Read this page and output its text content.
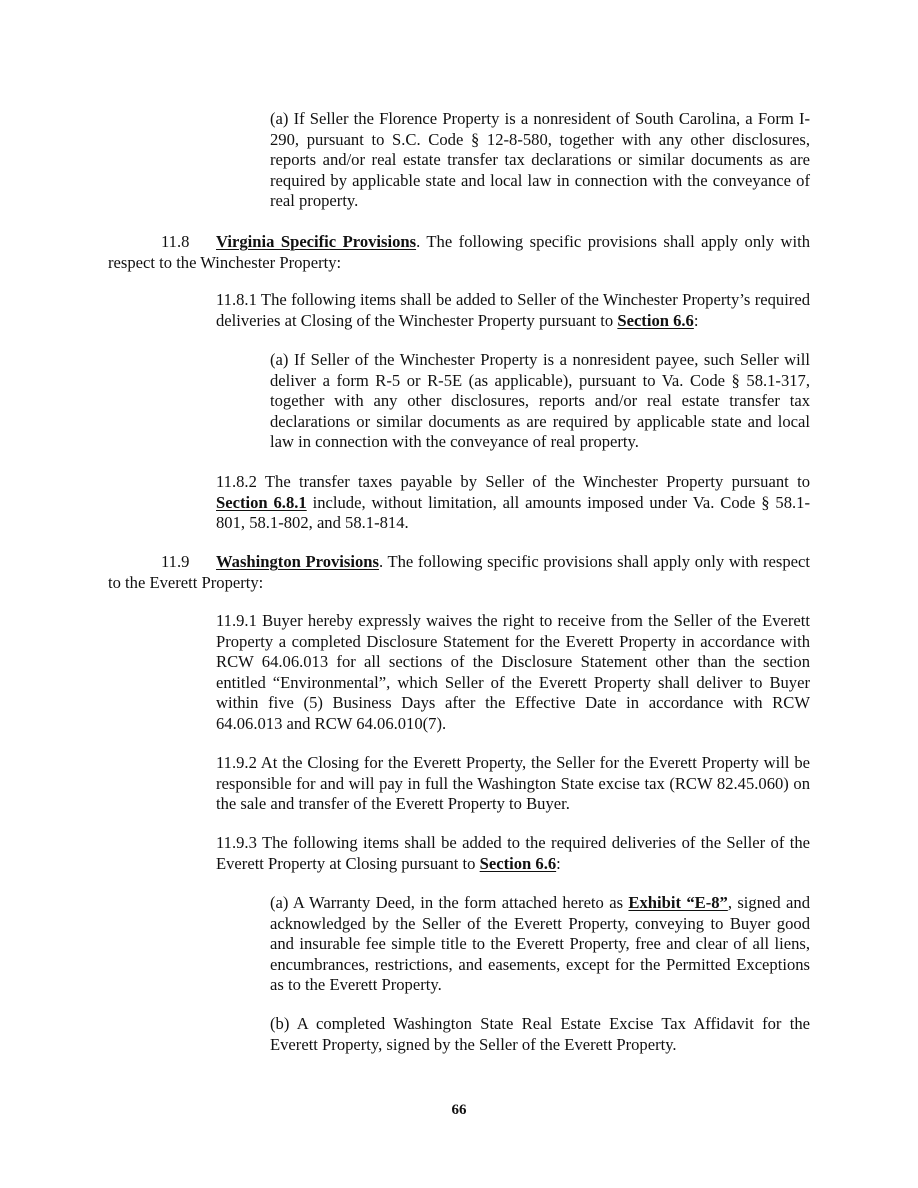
(a) If Seller the Florence Property is a nonresident of South Carolina, a Form I-290, pursuant to S.C. Code § 12-8-580, together with any other disclosures, reports and/or real estate transfer tax declarations or similar documents as are required by applicable state and local law in connection with the conveyance of real property.

11.8 Virginia Specific Provisions. The following specific provisions shall apply only with respect to the Winchester Property:

11.8.1 The following items shall be added to Seller of the Winchester Property’s required deliveries at Closing of the Winchester Property pursuant to Section 6.6:

(a) If Seller of the Winchester Property is a nonresident payee, such Seller will deliver a form R-5 or R-5E (as applicable), pursuant to Va. Code § 58.1-317, together with any other disclosures, reports and/or real estate transfer tax declarations or similar documents as are required by applicable state and local law in connection with the conveyance of real property.

11.8.2 The transfer taxes payable by Seller of the Winchester Property pursuant to Section 6.8.1 include, without limitation, all amounts imposed under Va. Code § 58.1-801, 58.1-802, and 58.1-814.

11.9 Washington Provisions. The following specific provisions shall apply only with respect to the Everett Property:

11.9.1 Buyer hereby expressly waives the right to receive from the Seller of the Everett Property a completed Disclosure Statement for the Everett Property in accordance with RCW 64.06.013 for all sections of the Disclosure Statement other than the section entitled “Environmental”, which Seller of the Everett Property shall deliver to Buyer within five (5) Business Days after the Effective Date in accordance with RCW 64.06.013 and RCW 64.06.010(7).

11.9.2 At the Closing for the Everett Property, the Seller for the Everett Property will be responsible for and will pay in full the Washington State excise tax (RCW 82.45.060) on the sale and transfer of the Everett Property to Buyer.

11.9.3 The following items shall be added to the required deliveries of the Seller of the Everett Property at Closing pursuant to Section 6.6:

(a) A Warranty Deed, in the form attached hereto as Exhibit “E-8”, signed and acknowledged by the Seller of the Everett Property, conveying to Buyer good and insurable fee simple title to the Everett Property, free and clear of all liens, encumbrances, restrictions, and easements, except for the Permitted Exceptions as to the Everett Property.

(b) A completed Washington State Real Estate Excise Tax Affidavit for the Everett Property, signed by the Seller of the Everett Property.

66
